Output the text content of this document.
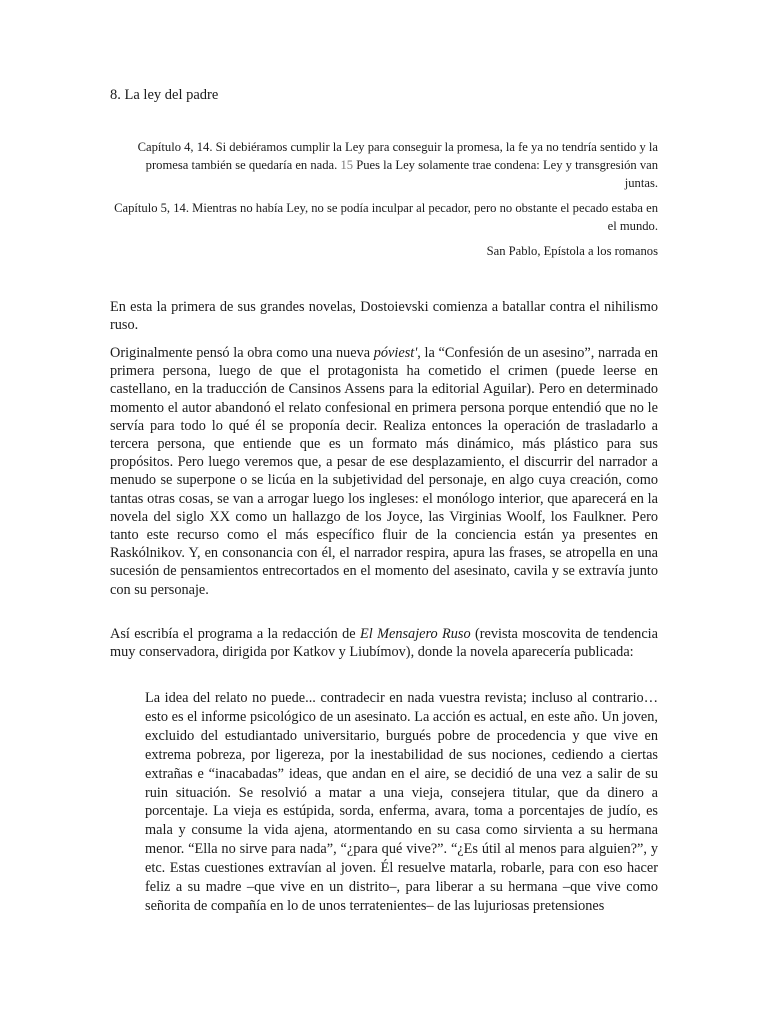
8. La ley del padre

Capítulo 4, 14. Si debiéramos cumplir la Ley para conseguir la promesa, la fe ya no tendría sentido y la promesa también se quedaría en nada. 15 Pues la Ley solamente trae condena: Ley y transgresión van juntas.

Capítulo 5, 14. Mientras no había Ley, no se podía inculpar al pecador, pero no obstante el pecado estaba en el mundo.

San Pablo, Epístola a los romanos

En esta la primera de sus grandes novelas, Dostoievski comienza a batallar contra el nihilismo ruso.

Originalmente pensó la obra como una nueva póviest', la “Confesión de un asesino”, narrada en primera persona, luego de que el protagonista ha cometido el crimen (puede leerse en castellano, en la traducción de Cansinos Assens para la editorial Aguilar). Pero en determinado momento el autor abandonó el relato confesional en primera persona porque entendió que no le servía para todo lo qué él se proponía decir. Realiza entonces la operación de trasladarlo a tercera persona, que entiende que es un formato más dinámico, más plástico para sus propósitos. Pero luego veremos que, a pesar de ese desplazamiento, el discurrir del narrador a menudo se superpone o se licúa en la subjetividad del personaje, en algo cuya creación, como tantas otras cosas, se van a arrogar luego los ingleses: el monólogo interior, que aparecerá en la novela del siglo XX como un hallazgo de los Joyce, las Virginias Woolf, los Faulkner. Pero tanto este recurso como el más específico fluir de la conciencia están ya presentes en Raskólnikov. Y, en consonancia con él, el narrador respira, apura las frases, se atropella en una sucesión de pensamientos entrecortados en el momento del asesinato, cavila y se extravía junto con su personaje.

Así escribía el programa a la redacción de El Mensajero Ruso (revista moscovita de tendencia muy conservadora, dirigida por Katkov y Liubímov), donde la novela aparecería publicada:

La idea del relato no puede... contradecir en nada vuestra revista; incluso al contrario… esto es el informe psicológico de un asesinato. La acción es actual, en este año. Un joven, excluido del estudiantado universitario, burgués pobre de procedencia y que vive en extrema pobreza, por ligereza, por la inestabilidad de sus nociones, cediendo a ciertas extrañas e “inacabadas” ideas, que andan en el aire, se decidió de una vez a salir de su ruin situación. Se resolvió a matar a una vieja, consejera titular, que da dinero a porcentaje. La vieja es estúpida, sorda, enferma, avara, toma a porcentajes de judío, es mala y consume la vida ajena, atormentando en su casa como sirvienta a su hermana menor. “Ella no sirve para nada”, “¿para qué vive?”. “¿Es útil al menos para alguien?”, y etc. Estas cuestiones extravían al joven. Él resuelve matarla, robarle, para con eso hacer feliz a su madre –que vive en un distrito–, para liberar a su hermana –que vive como señorita de compañía en lo de unos terratenientes– de las lujuriosas pretensiones
